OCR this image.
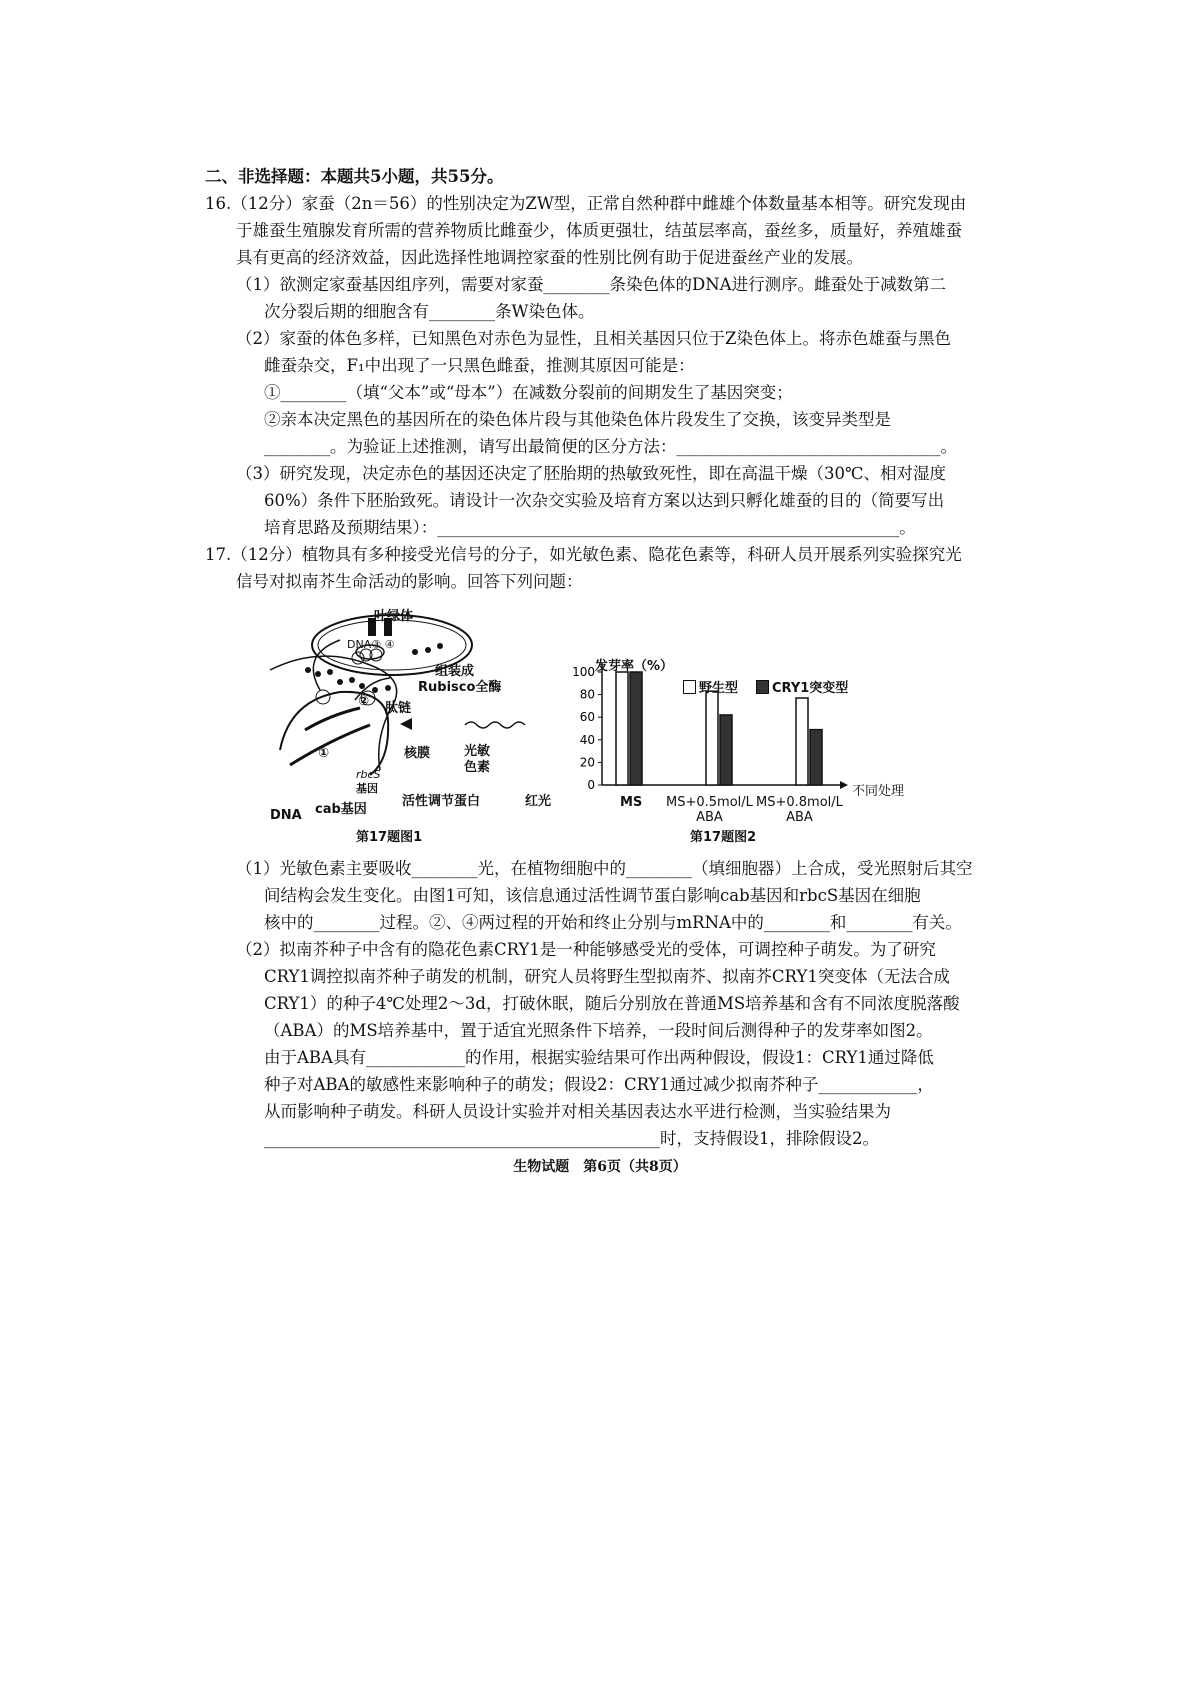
二、非选择题：本题共5小题，共55分。
16.（12分）家蚕（2n＝56）的性别决定为ZW型，正常自然种群中雌雄个体数量基本相等。研究发现由
于雄蚕生殖腺发育所需的营养物质比雌蚕少，体质更强壮，结茧层率高，蚕丝多，质量好，养殖雄蚕
具有更高的经济效益，因此选择性地调控家蚕的性别比例有助于促进蚕丝产业的发展。
（1）欲测定家蚕基因组序列，需要对家蚕________条染色体的DNA进行测序。雌蚕处于减数第二
次分裂后期的细胞含有________条W染色体。
（2）家蚕的体色多样，已知黑色对赤色为显性，且相关基因只位于Z染色体上。将赤色雄蚕与黑色
雌蚕杂交，F₁中出现了一只黑色雌蚕，推测其原因可能是：
①________（填“父本”或“母本”）在减数分裂前的间期发生了基因突变；
②亲本决定黑色的基因所在的染色体片段与其他染色体片段发生了交换，该变异类型是
________。为验证上述推测，请写出最简便的区分方法：________________________________。
（3）研究发现，决定赤色的基因还决定了胚胎期的热敏致死性，即在高温干燥（30℃、相对湿度
60%）条件下胚胎致死。请设计一次杂交实验及培育方案以达到只孵化雄蚕的目的（简要写出
培育思路及预期结果）：________________________________________________________。
17.（12分）植物具有多种接受光信号的分子，如光敏色素、隐花色素等，科研人员开展系列实验探究光
信号对拟南芥生命活动的影响。回答下列问题：
叶绿体
DNA③ ④
组装成
Rubisco全酶
② 肽链
①	核膜	光敏
色素
rbcS
基因
活性调节蛋白	红光
cab基因
DNA
第17题图1
0
20
40
60
80
100 发芽率（%）
野生型	CRY1突变型
不同处理
MS MS+0.5mol/L
ABA
MS+0.8mol/L
ABA
第17题图2
（1）光敏色素主要吸收________光，在植物细胞中的________（填细胞器）上合成，受光照射后其空
间结构会发生变化。由图1可知，该信息通过活性调节蛋白影响cab基因和rbcS基因在细胞
核中的________过程。②、④两过程的开始和终止分别与mRNA中的________和________有关。
（2）拟南芥种子中含有的隐花色素CRY1是一种能够感受光的受体，可调控种子萌发。为了研究
CRY1调控拟南芥种子萌发的机制，研究人员将野生型拟南芥、拟南芥CRY1突变体（无法合成
CRY1）的种子4℃处理2～3d，打破休眠，随后分别放在普通MS培养基和含有不同浓度脱落酸
（ABA）的MS培养基中，置于适宜光照条件下培养，一段时间后测得种子的发芽率如图2。
由于ABA具有____________的作用，根据实验结果可作出两种假设，假设1：CRY1通过降低
种子对ABA的敏感性来影响种子的萌发；假设2：CRY1通过减少拟南芥种子____________，
从而影响种子萌发。科研人员设计实验并对相关基因表达水平进行检测，当实验结果为
________________________________________________时，支持假设1，排除假设2。
生物试题　第6页（共8页）
